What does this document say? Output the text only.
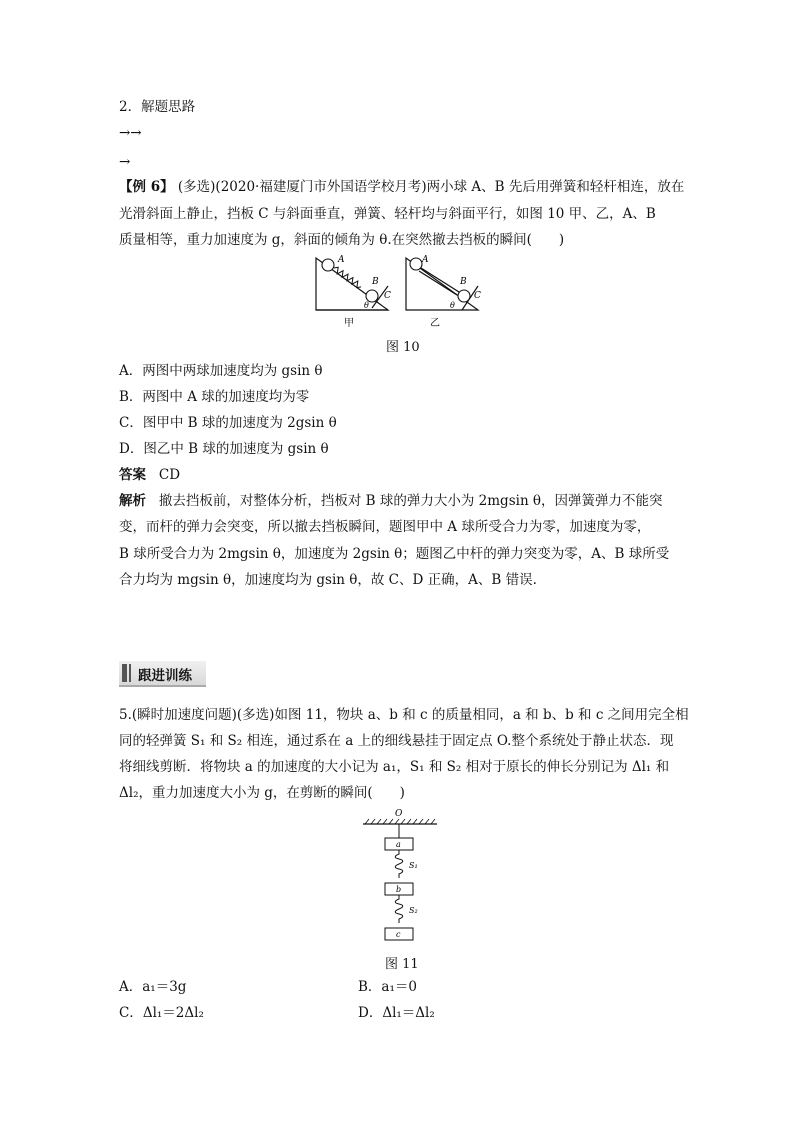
2．解题思路
→→
→
【例 6】 (多选)(2020·福建厦门市外国语学校月考)两小球 A、B 先后用弹簧和轻杆相连，放在
光滑斜面上静止，挡板 C 与斜面垂直，弹簧、轻杆均与斜面平行，如图 10 甲、乙，A、B
质量相等，重力加速度为 g，斜面的倾角为 θ.在突然撤去挡板的瞬间(　　)
A
B
C
θ
甲
A
B
C
θ
乙
图 10
A．两图中两球加速度均为 gsin θ
B．两图中 A 球的加速度均为零
C．图甲中 B 球的加速度为 2gsin θ
D．图乙中 B 球的加速度为 gsin θ
答案 CD
解析 撤去挡板前，对整体分析，挡板对 B 球的弹力大小为 2mgsin θ，因弹簧弹力不能突
变，而杆的弹力会突变，所以撤去挡板瞬间，题图甲中 A 球所受合力为零，加速度为零，
B 球所受合力为 2mgsin θ，加速度为 2gsin θ；题图乙中杆的弹力突变为零，A、B 球所受
合力均为 mgsin θ，加速度均为 gsin θ，故 C、D 正确，A、B 错误.
跟进训练
5.(瞬时加速度问题)(多选)如图 11，物块 a、b 和 c 的质量相同，a 和 b、b 和 c 之间用完全相
同的轻弹簧 S₁ 和 S₂ 相连，通过系在 a 上的细线悬挂于固定点 O.整个系统处于静止状态．现
将细线剪断．将物块 a 的加速度的大小记为 a₁，S₁ 和 S₂ 相对于原长的伸长分别记为 Δl₁ 和
Δl₂，重力加速度大小为 g，在剪断的瞬间(　　)
O
a
S₁
b
S₂
c
图 11
A．a₁＝3g	B．a₁＝0
C．Δl₁＝2Δl₂	D．Δl₁＝Δl₂
